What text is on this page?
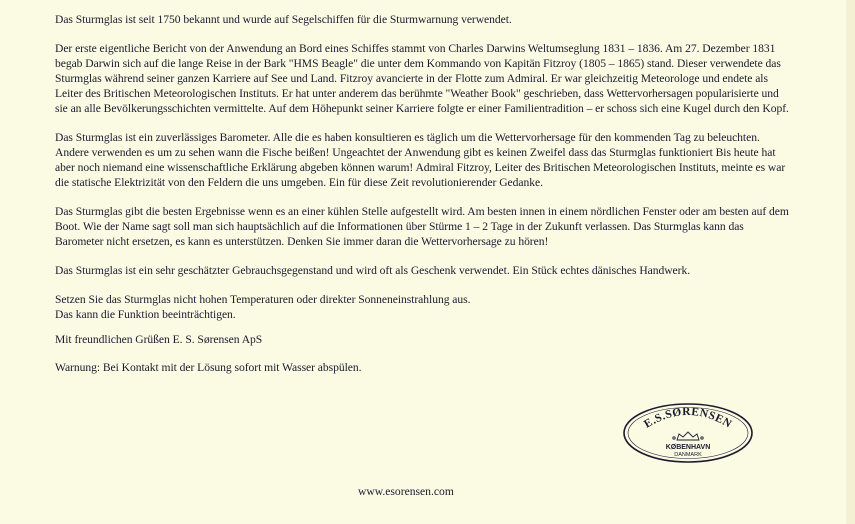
Das Sturmglas ist seit 1750 bekannt und wurde auf Segelschiffen für die Sturmwarnung verwendet.

Der erste eigentliche Bericht von der Anwendung an Bord eines Schiffes stammt von Charles Darwins Weltumseglung 1831 – 1836. Am 27. Dezember 1831 begab Darwin sich auf die lange Reise in der Bark "HMS Beagle" die unter dem Kommando von Kapitän Fitzroy (1805 – 1865) stand. Dieser verwendete das Sturmglas während seiner ganzen Karriere auf See und Land. Fitzroy avancierte in der Flotte zum Admiral. Er war gleichzeitig Meteorologe und endete als Leiter des Britischen Meteorologischen Instituts. Er hat unter anderem das berühmte "Weather Book" geschrieben, dass Wettervorhersagen popularisierte und sie an alle Bevölkerungsschichten vermittelte. Auf dem Höhepunkt seiner Karriere folgte er einer Familientradition – er schoss sich eine Kugel durch den Kopf.

Das Sturmglas ist ein zuverlässiges Barometer. Alle die es haben konsultieren es täglich um die Wettervorhersage für den kommenden Tag zu beleuchten. Andere verwenden es um zu sehen wann die Fische beißen! Ungeachtet der Anwendung gibt es keinen Zweifel dass das Sturmglas funktioniert Bis heute hat aber noch niemand eine wissenschaftliche Erklärung abgeben können warum! Admiral Fitzroy, Leiter des Britischen Meteorologischen Instituts, meinte es war die statische Elektrizität von den Feldern die uns umgeben. Ein für diese Zeit revolutionierender Gedanke.

Das Sturmglas gibt die besten Ergebnisse wenn es an einer kühlen Stelle aufgestellt wird. Am besten innen in einem nördlichen Fenster oder am besten auf dem Boot. Wie der Name sagt soll man sich hauptsächlich auf die Informationen über Stürme 1 – 2 Tage in der Zukunft verlassen. Das Sturmglas kann das Barometer nicht ersetzen, es kann es unterstützen. Denken Sie immer daran die Wettervorhersage zu hören!

Das Sturmglas ist ein sehr geschätzter Gebrauchsgegenstand und wird oft als Geschenk verwendet. Ein Stück echtes dänisches Handwerk.

Setzen Sie das Sturmglas nicht hohen Temperaturen oder direkter Sonneneinstrahlung aus.
Das kann die Funktion beeinträchtigen.

Mit freundlichen Grüßen E. S. Sørensen ApS

Warnung: Bei Kontakt mit der Lösung sofort mit Wasser abspülen.

E.S.SØRENSEN
KØBENHAVN
DANMARK
www.esorensen.com
